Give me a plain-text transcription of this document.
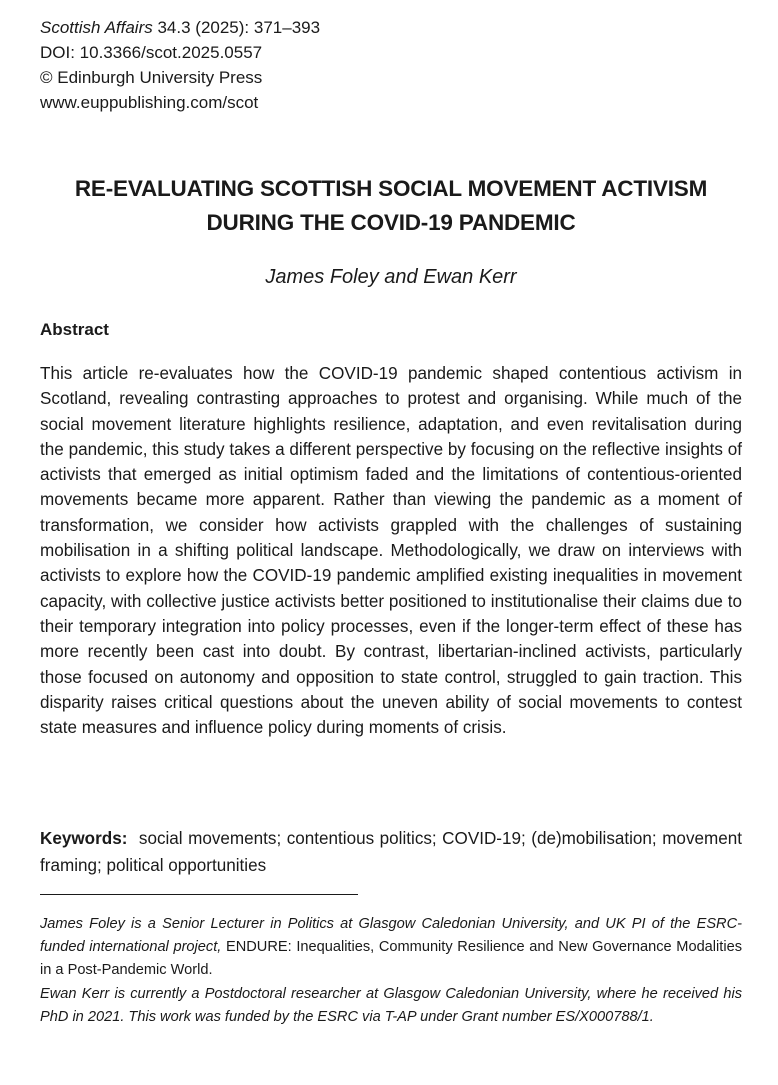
Scottish Affairs 34.3 (2025): 371–393
DOI: 10.3366/scot.2025.0557
© Edinburgh University Press
www.euppublishing.com/scot
RE-EVALUATING SCOTTISH SOCIAL MOVEMENT ACTIVISM
DURING THE COVID-19 PANDEMIC
James Foley and Ewan Kerr
Abstract
This article re-evaluates how the COVID-19 pandemic shaped contentious activism in Scotland, revealing contrasting approaches to protest and organising. While much of the social movement literature highlights resilience, adaptation, and even revitalisation during the pandemic, this study takes a different perspective by focusing on the reflective insights of activists that emerged as initial optimism faded and the limitations of contentious-oriented movements became more apparent. Rather than viewing the pandemic as a moment of transformation, we consider how activists grappled with the challenges of sustaining mobilisation in a shifting political landscape. Methodologically, we draw on interviews with activists to explore how the COVID-19 pandemic amplified existing inequalities in movement capacity, with collective justice activists better positioned to institutionalise their claims due to their temporary integration into policy processes, even if the longer-term effect of these has more recently been cast into doubt. By contrast, libertarian-inclined activists, particularly those focused on autonomy and opposition to state control, struggled to gain traction. This disparity raises critical questions about the uneven ability of social movements to contest state measures and influence policy during moments of crisis.
Keywords: social movements; contentious politics; COVID-19; (de)mobilisation; movement framing; political opportunities

James Foley is a Senior Lecturer in Politics at Glasgow Caledonian University, and UK PI of the ESRC-funded international project, ENDURE: Inequalities, Community Resilience and New Governance Modalities in a Post-Pandemic World.

Ewan Kerr is currently a Postdoctoral researcher at Glasgow Caledonian University, where he received his PhD in 2021. This work was funded by the ESRC via T-AP under Grant number ES/X000788/1.
